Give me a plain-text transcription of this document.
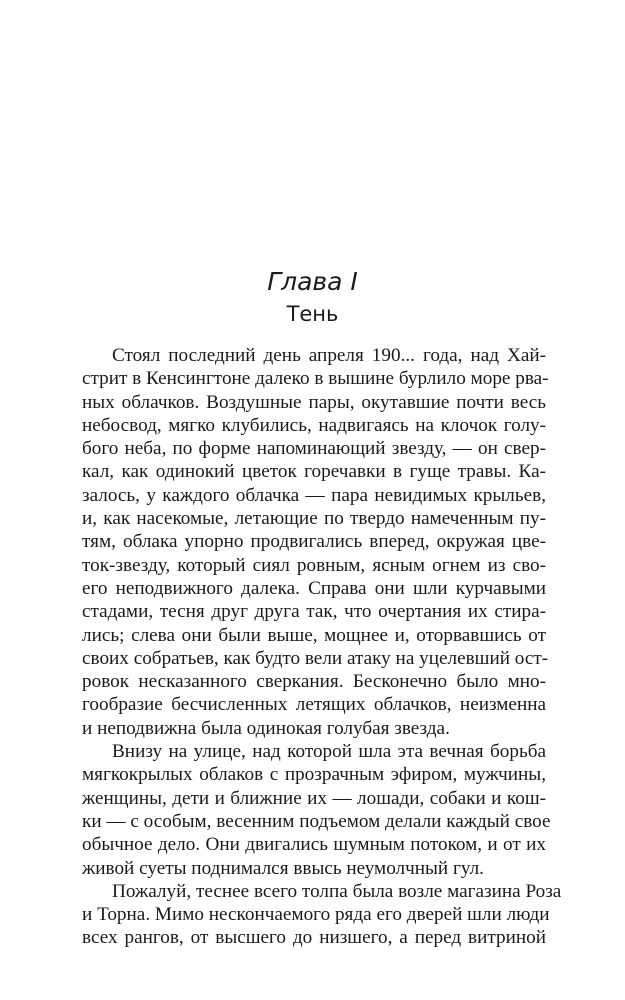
Глава I
Тень
Стоял последний день апреля 190... года, над Хай-
стрит в Кенсингтоне далеко в вышине бурлило море рва-
ных облачков. Воздушные пары, окутавшие почти весь
небосвод, мягко клубились, надвигаясь на клочок голу-
бого неба, по форме напоминающий звезду, — он свер-
кал, как одинокий цветок горечавки в гуще травы. Ка-
залось, у каждого облачка — пара невидимых крыльев,
и, как насекомые, летающие по твердо намеченным пу-
тям, облака упорно продвигались вперед, окружая цве-
ток-звезду, который сиял ровным, ясным огнем из сво-
его неподвижного далека. Справа они шли курчавыми
стадами, тесня друг друга так, что очертания их стира-
лись; слева они были выше, мощнее и, оторвавшись от
своих собратьев, как будто вели атаку на уцелевший ост-
ровок несказанного сверкания. Бесконечно было мно-
гообразие бесчисленных летящих облачков, неизменна
и неподвижна была одинокая голубая звезда.
Внизу на улице, над которой шла эта вечная борьба
мягкокрылых облаков с прозрачным эфиром, мужчины,
женщины, дети и ближние их — лошади, собаки и кош-
ки — с особым, весенним подъемом делали каждый свое
обычное дело. Они двигались шумным потоком, и от их
живой суеты поднимался ввысь неумолчный гул.
Пожалуй, теснее всего толпа была возле магазина Роза
и Торна. Мимо нескончаемого ряда его дверей шли люди
всех рангов, от высшего до низшего, а перед витриной
